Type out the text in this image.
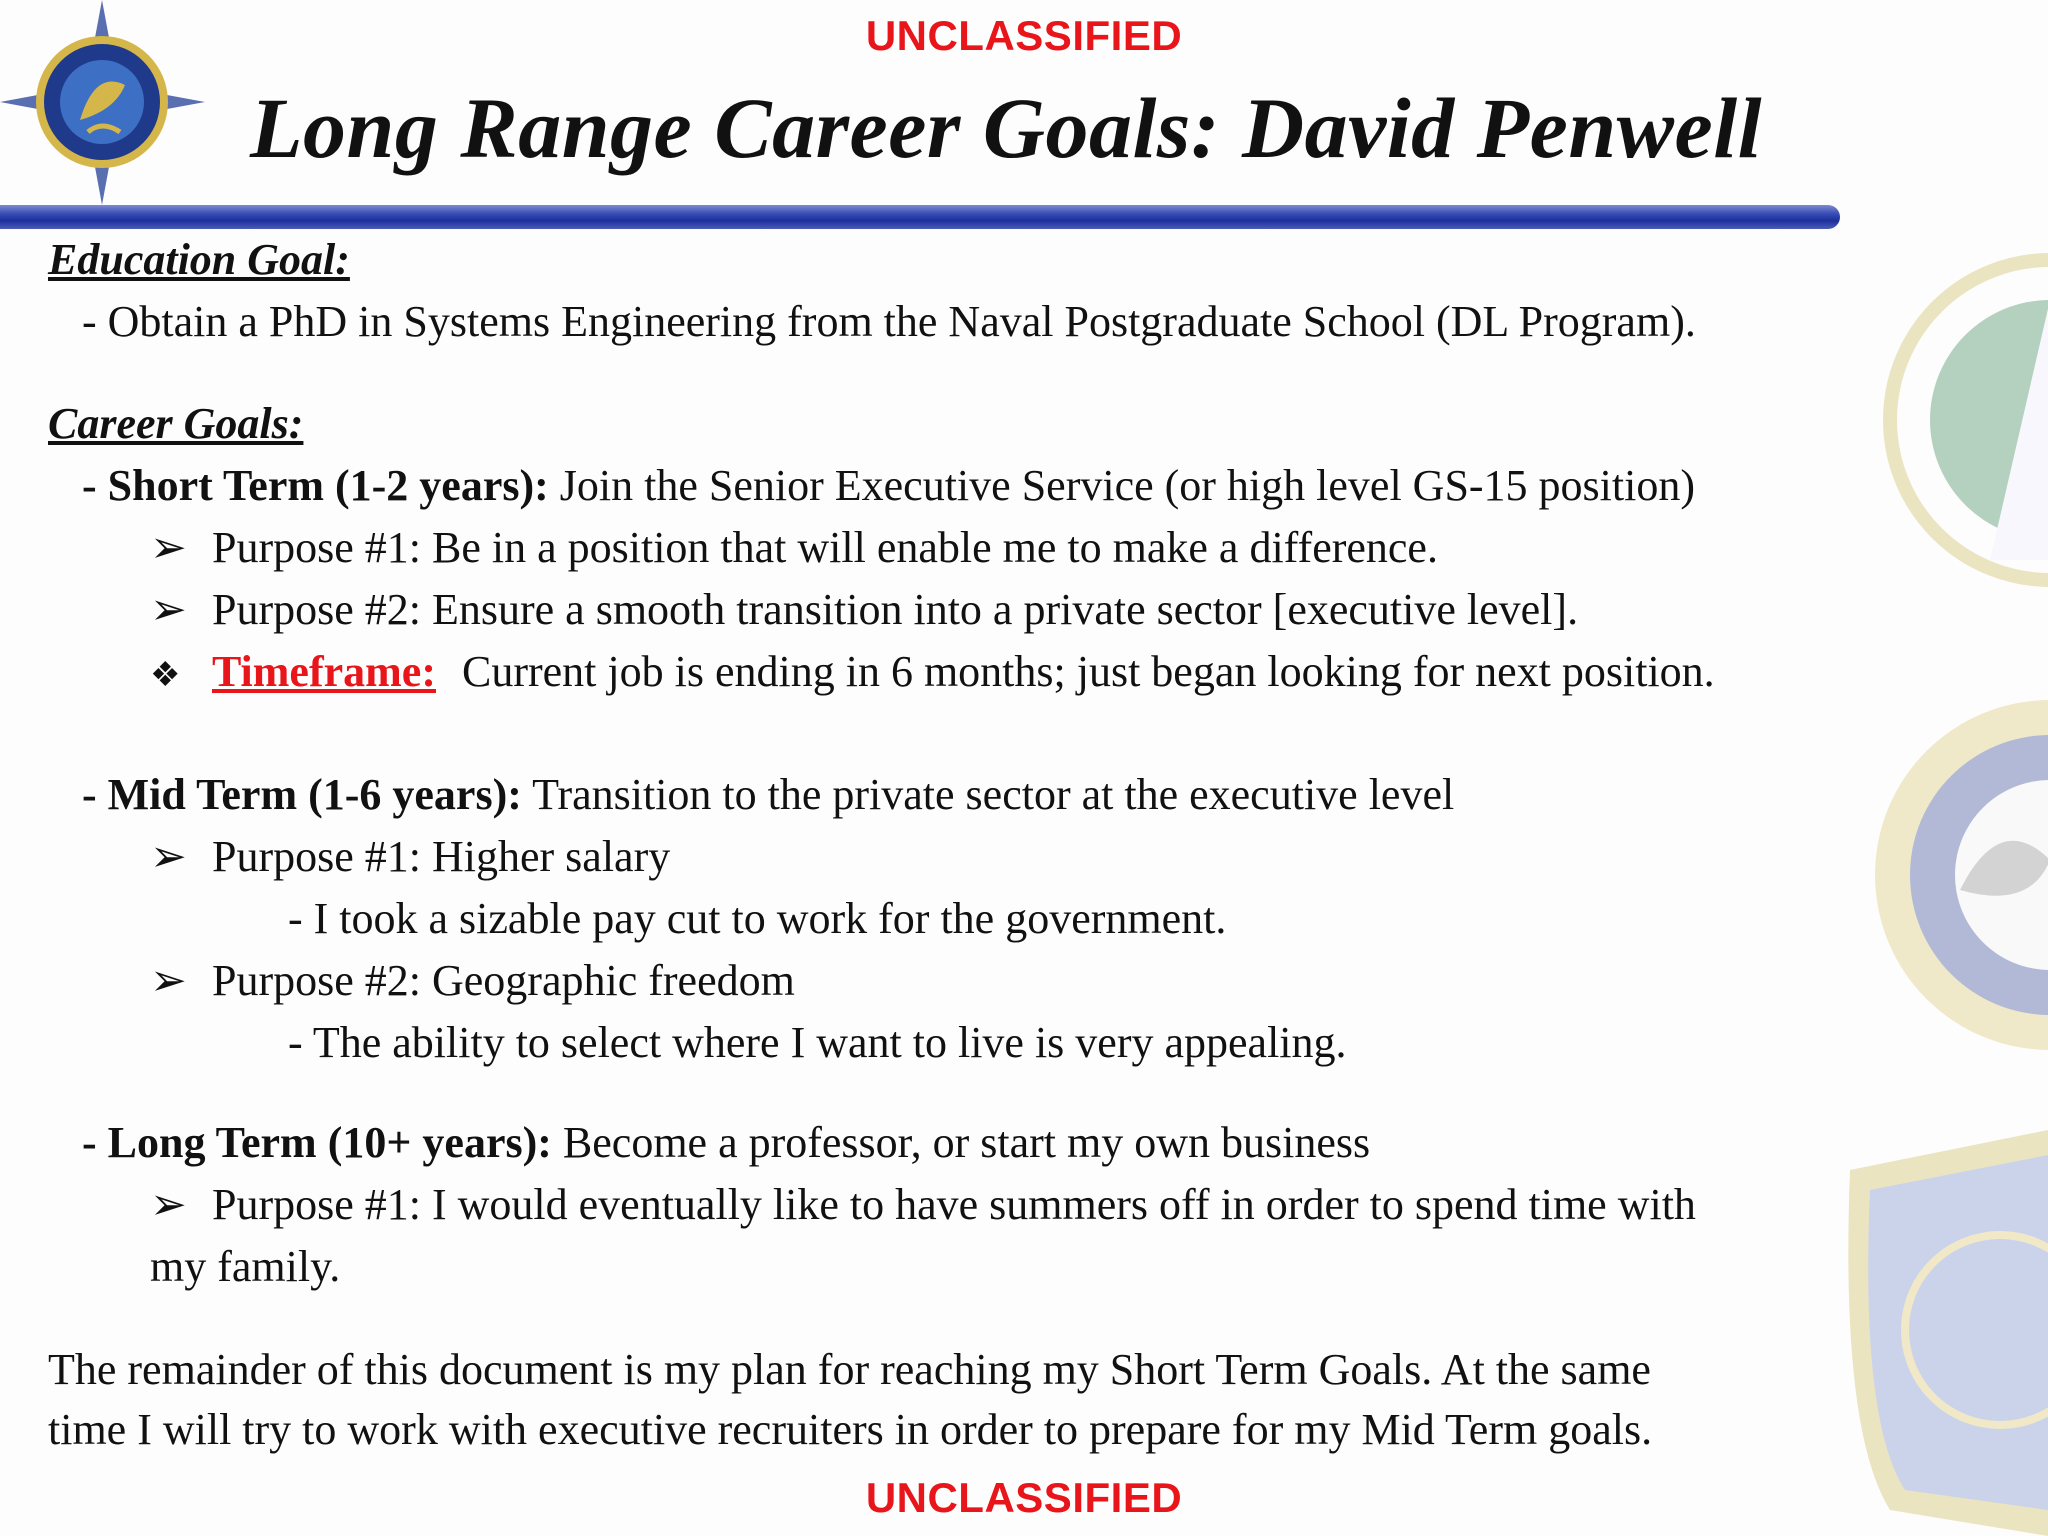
UNCLASSIFIED
Long Range Career Goals: David Penwell
Education Goal:
- Obtain a PhD in Systems Engineering from the Naval Postgraduate School (DL Program).
Career Goals:
- Short Term (1-2 years): Join the Senior Executive Service (or high level GS-15 position)
➢ Purpose #1: Be in a position that will enable me to make a difference.
➢ Purpose #2: Ensure a smooth transition into a private sector [executive level].
❖ Timeframe: Current job is ending in 6 months; just began looking for next position.
- Mid Term (1-6 years): Transition to the private sector at the executive level
➢ Purpose #1: Higher salary
- I took a sizable pay cut to work for the government.
➢ Purpose #2: Geographic freedom
- The ability to select where I want to live is very appealing.
- Long Term (10+ years): Become a professor, or start my own business
➢ Purpose #1: I would eventually like to have summers off in order to spend time with
my family.
The remainder of this document is my plan for reaching my Short Term Goals. At the same
time I will try to work with executive recruiters in order to prepare for my Mid Term goals.
UNCLASSIFIED
